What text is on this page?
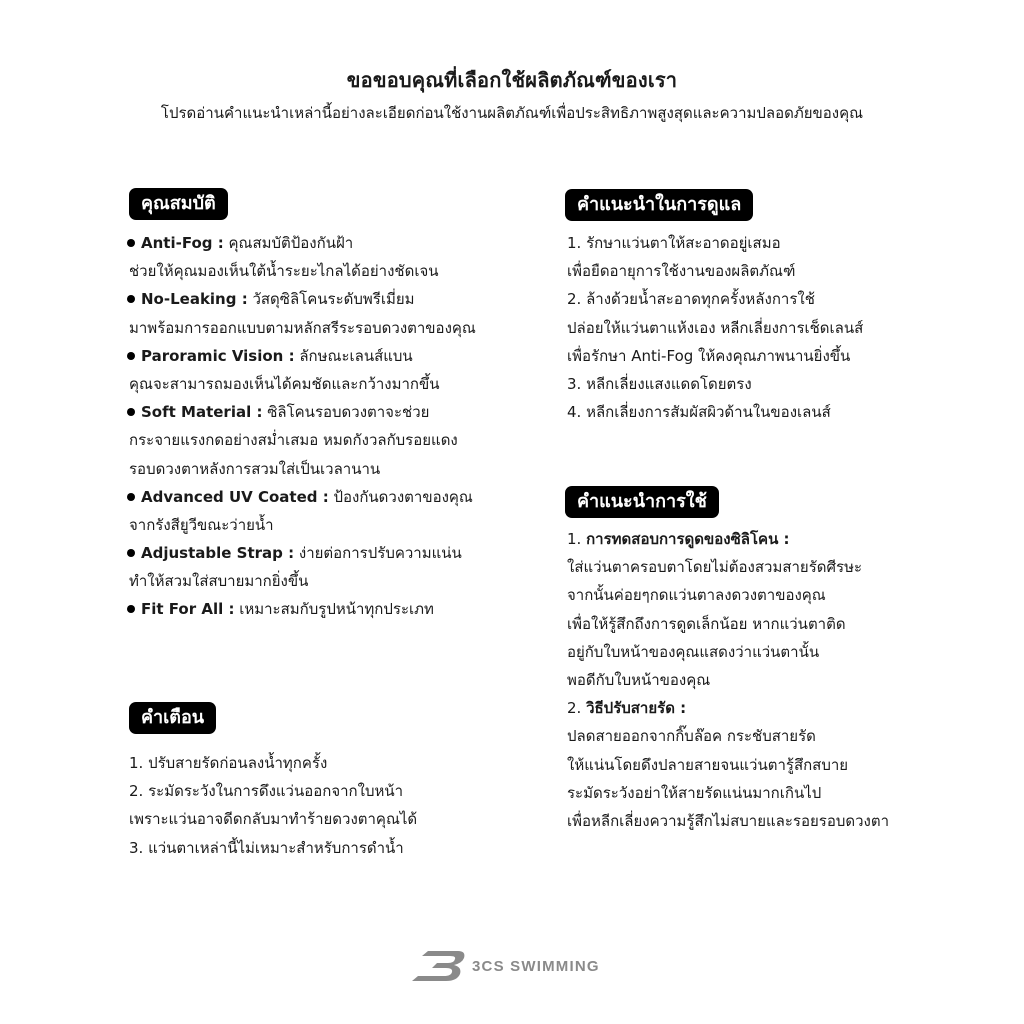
ขอขอบคุณที่เลือกใช้ผลิตภัณฑ์ของเรา
โปรดอ่านคำแนะนำเหล่านี้อย่างละเอียดก่อนใช้งานผลิตภัณฑ์เพื่อประสิทธิภาพสูงสุดและความปลอดภัยของคุณ
คุณสมบัติ
Anti-Fog : คุณสมบัติป้องกันฝ้า
ช่วยให้คุณมองเห็นใต้น้ำระยะไกลได้อย่างชัดเจน
No-Leaking : วัสดุซิลิโคนระดับพรีเมี่ยม
มาพร้อมการออกแบบตามหลักสรีระรอบดวงตาของคุณ
Paroramic Vision : ลักษณะเลนส์แบน
คุณจะสามารถมองเห็นได้คมชัดและกว้างมากขึ้น
Soft Material : ซิลิโคนรอบดวงตาจะช่วย
กระจายแรงกดอย่างสม่ำเสมอ หมดกังวลกับรอยแดง
รอบดวงตาหลังการสวมใส่เป็นเวลานาน
Advanced UV Coated : ป้องกันดวงตาของคุณ
จากรังสียูวีขณะว่ายน้ำ
Adjustable Strap : ง่ายต่อการปรับความแน่น
ทำให้สวมใส่สบายมากยิ่งขึ้น
Fit For All : เหมาะสมกับรูปหน้าทุกประเภท
คำเตือน
1. ปรับสายรัดก่อนลงน้ำทุกครั้ง
2. ระมัดระวังในการดึงแว่นออกจากใบหน้า
เพราะแว่นอาจดีดกลับมาทำร้ายดวงตาคุณได้
3. แว่นตาเหล่านี้ไม่เหมาะสำหรับการดำน้ำ
คำแนะนำในการดูแล
1. รักษาแว่นตาให้สะอาดอยู่เสมอ
เพื่อยืดอายุการใช้งานของผลิตภัณฑ์
2. ล้างด้วยน้ำสะอาดทุกครั้งหลังการใช้
ปล่อยให้แว่นตาแห้งเอง หลีกเลี่ยงการเช็ดเลนส์
เพื่อรักษา Anti-Fog ให้คงคุณภาพนานยิ่งขึ้น
3. หลีกเลี่ยงแสงแดดโดยตรง
4. หลีกเลี่ยงการสัมผัสผิวด้านในของเลนส์
คำแนะนำการใช้
1. การทดสอบการดูดของซิลิโคน :
ใส่แว่นตาครอบตาโดยไม่ต้องสวมสายรัดศีรษะ
จากนั้นค่อยๆกดแว่นตาลงดวงตาของคุณ
เพื่อให้รู้สึกถึงการดูดเล็กน้อย หากแว่นตาติด
อยู่กับใบหน้าของคุณแสดงว่าแว่นตานั้น
พอดีกับใบหน้าของคุณ
2. วิธีปรับสายรัด :
ปลดสายออกจากกิ๊บล๊อค กระชับสายรัด
ให้แน่นโดยดึงปลายสายจนแว่นตารู้สึกสบาย
ระมัดระวังอย่าให้สายรัดแน่นมากเกินไป
เพื่อหลีกเลี่ยงความรู้สึกไม่สบายและรอยรอบดวงตา
3CS SWIMMING
